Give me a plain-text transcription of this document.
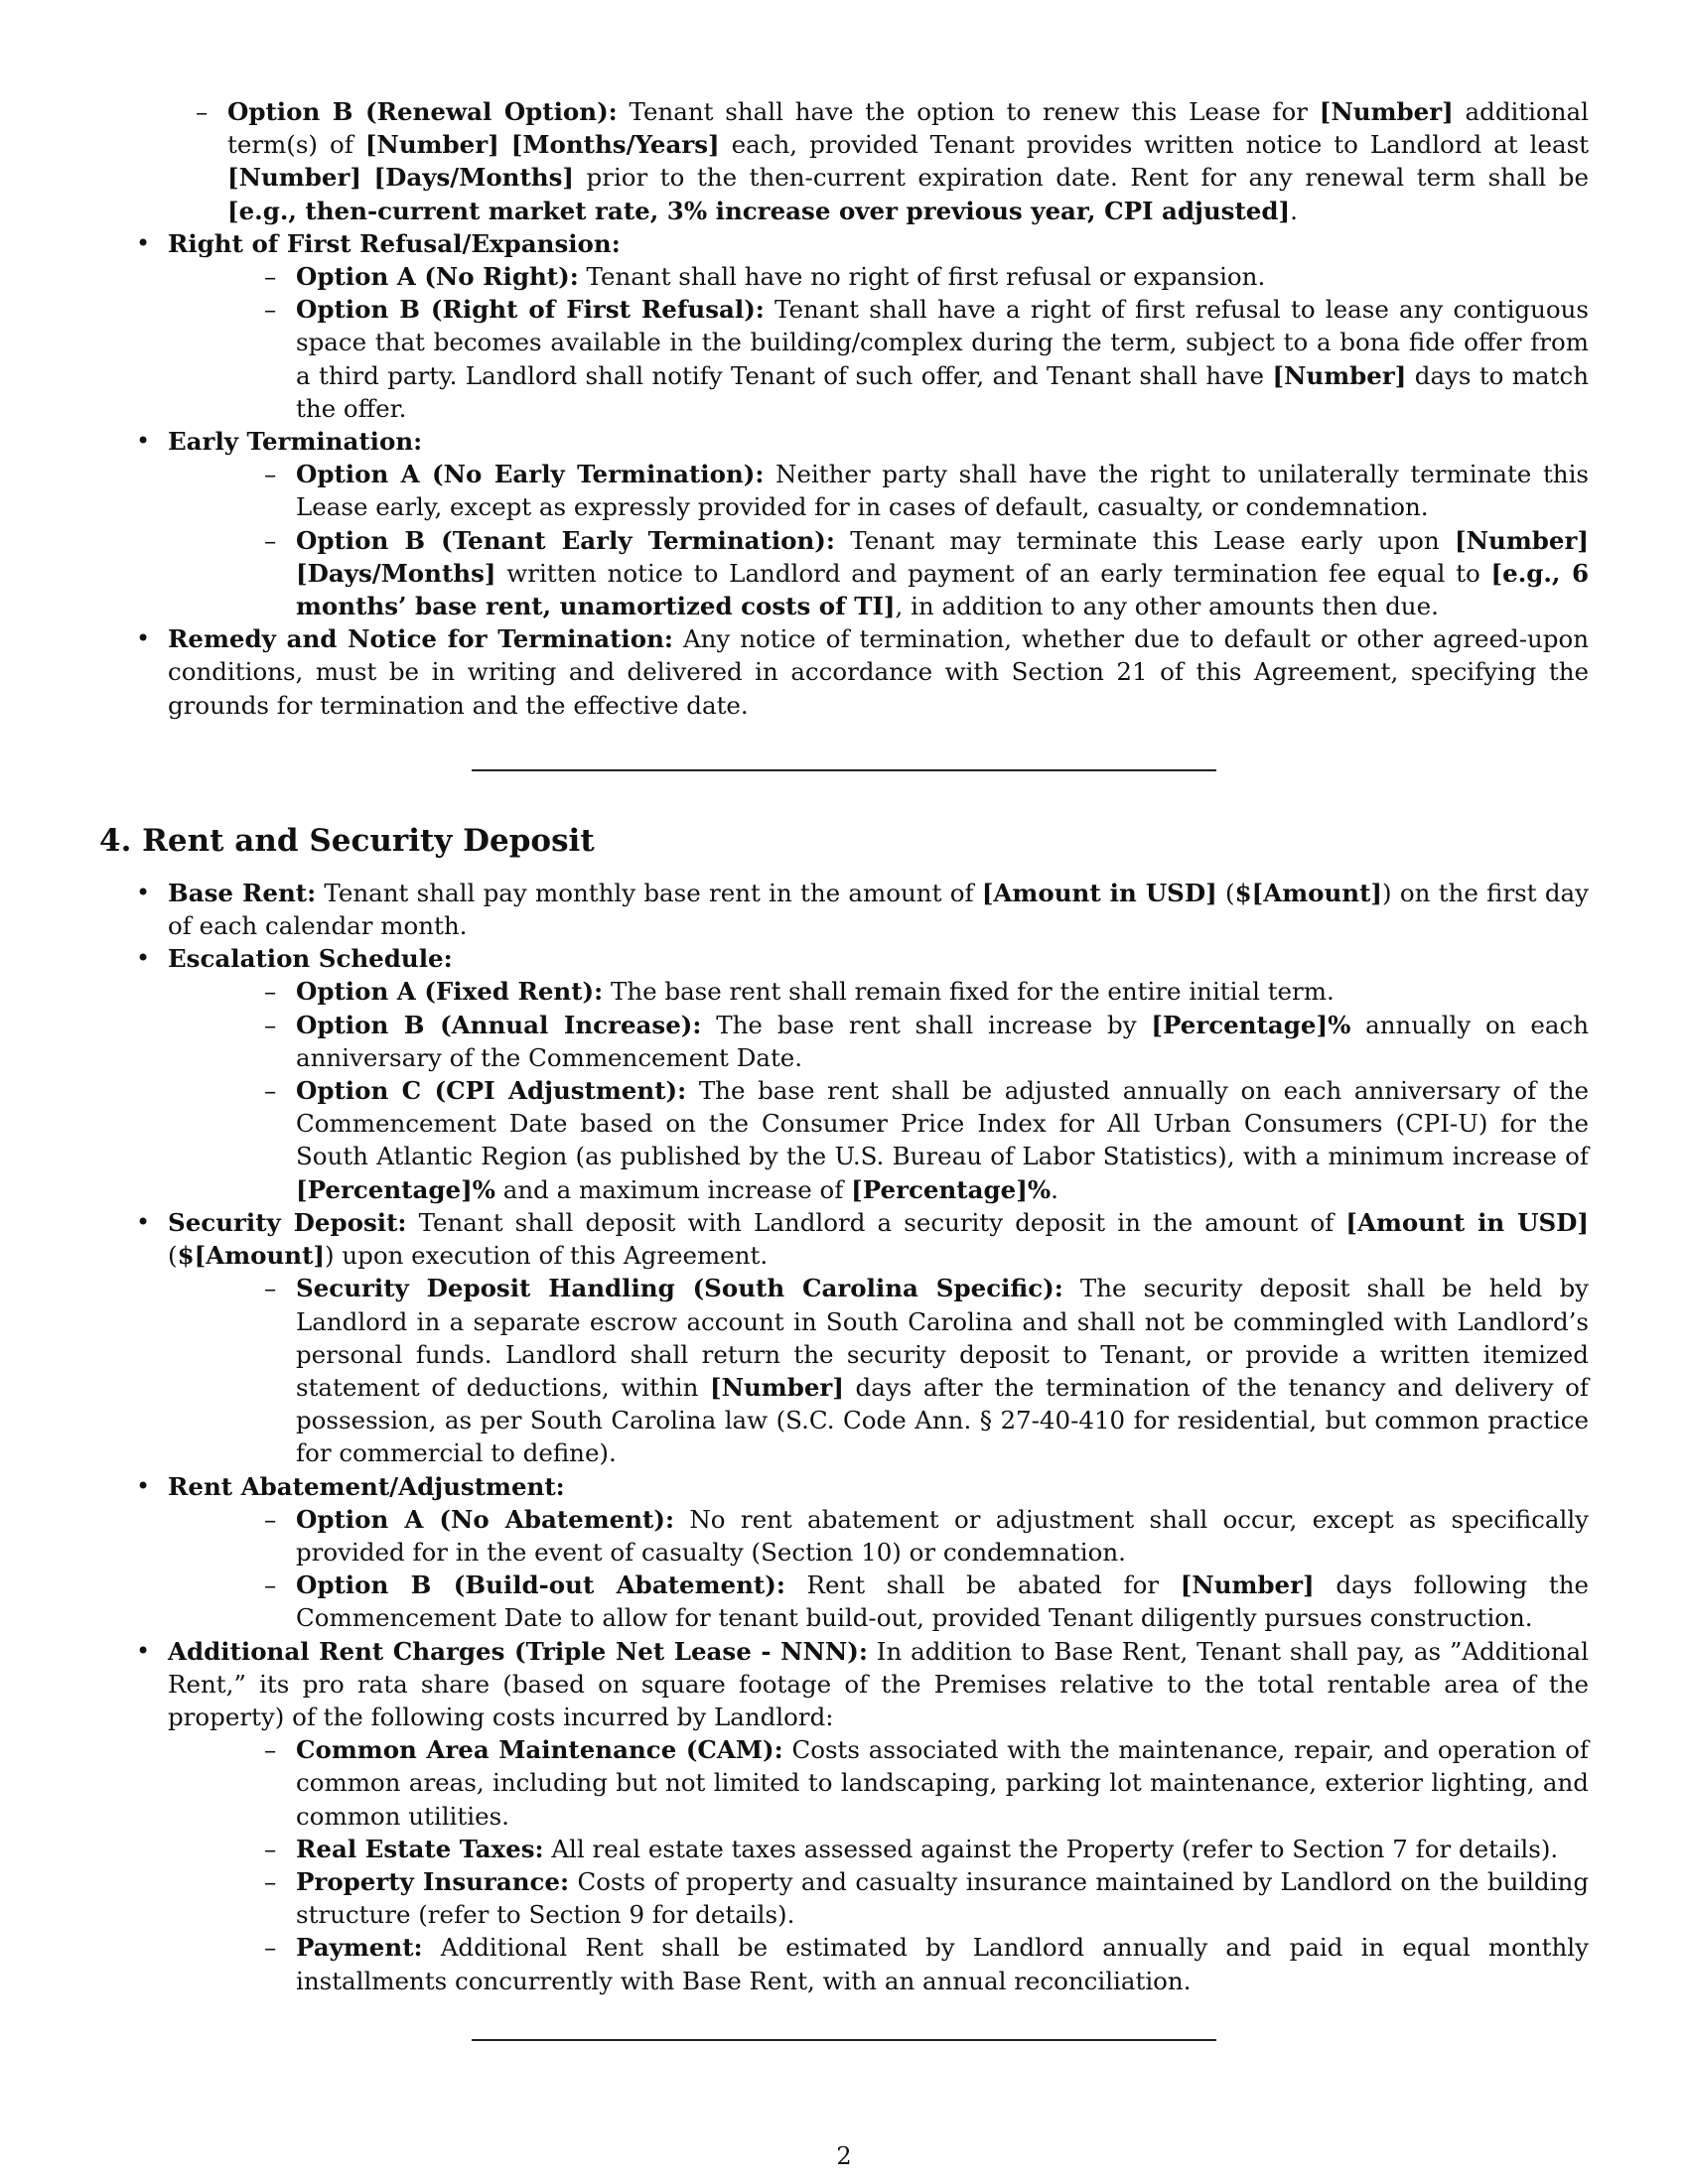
– Option B (Renewal Option): Tenant shall have the option to renew this Lease for [Number] additional term(s) of [Number] [Months/Years] each, provided Tenant provides written notice to Landlord at least [Number] [Days/Months] prior to the then-current expiration date. Rent for any renewal term shall be [e.g., then-current market rate, 3% increase over previous year, CPI adjusted].
• Right of First Refusal/Expansion:
– Option A (No Right): Tenant shall have no right of first refusal or expansion.
– Option B (Right of First Refusal): Tenant shall have a right of first refusal to lease any contiguous space that becomes available in the building/complex during the term, subject to a bona fide offer from a third party. Landlord shall notify Tenant of such offer, and Tenant shall have [Number] days to match the offer.
• Early Termination:
– Option A (No Early Termination): Neither party shall have the right to unilaterally terminate this Lease early, except as expressly provided for in cases of default, casualty, or condemnation.
– Option B (Tenant Early Termination): Tenant may terminate this Lease early upon [Number] [Days/Months] written notice to Landlord and payment of an early termination fee equal to [e.g., 6 months’ base rent, unamortized costs of TI], in addition to any other amounts then due.
• Remedy and Notice for Termination: Any notice of termination, whether due to default or other agreed-upon conditions, must be in writing and delivered in accordance with Section 21 of this Agreement, specifying the grounds for termination and the effective date.
4. Rent and Security Deposit
• Base Rent: Tenant shall pay monthly base rent in the amount of [Amount in USD] ($[Amount]) on the first day of each calendar month.
• Escalation Schedule:
– Option A (Fixed Rent): The base rent shall remain fixed for the entire initial term.
– Option B (Annual Increase): The base rent shall increase by [Percentage]% annually on each anniversary of the Commencement Date.
– Option C (CPI Adjustment): The base rent shall be adjusted annually on each anniversary of the Commencement Date based on the Consumer Price Index for All Urban Consumers (CPI-U) for the South Atlantic Region (as published by the U.S. Bureau of Labor Statistics), with a minimum increase of [Percentage]% and a maximum increase of [Percentage]%.
• Security Deposit: Tenant shall deposit with Landlord a security deposit in the amount of [Amount in USD] ($[Amount]) upon execution of this Agreement.
– Security Deposit Handling (South Carolina Specific): The security deposit shall be held by Landlord in a separate escrow account in South Carolina and shall not be commingled with Landlord’s personal funds. Landlord shall return the security deposit to Tenant, or provide a written itemized statement of deductions, within [Number] days after the termination of the tenancy and delivery of possession, as per South Carolina law (S.C. Code Ann. § 27-40-410 for residential, but common practice for commercial to define).
• Rent Abatement/Adjustment:
– Option A (No Abatement): No rent abatement or adjustment shall occur, except as specifically provided for in the event of casualty (Section 10) or condemnation.
– Option B (Build-out Abatement): Rent shall be abated for [Number] days following the Commencement Date to allow for tenant build-out, provided Tenant diligently pursues construction.
• Additional Rent Charges (Triple Net Lease - NNN): In addition to Base Rent, Tenant shall pay, as ”Additional Rent,” its pro rata share (based on square footage of the Premises relative to the total rentable area of the property) of the following costs incurred by Landlord:
– Common Area Maintenance (CAM): Costs associated with the maintenance, repair, and operation of common areas, including but not limited to landscaping, parking lot maintenance, exterior lighting, and common utilities.
– Real Estate Taxes: All real estate taxes assessed against the Property (refer to Section 7 for details).
– Property Insurance: Costs of property and casualty insurance maintained by Landlord on the building structure (refer to Section 9 for details).
– Payment: Additional Rent shall be estimated by Landlord annually and paid in equal monthly installments concurrently with Base Rent, with an annual reconciliation.
2
